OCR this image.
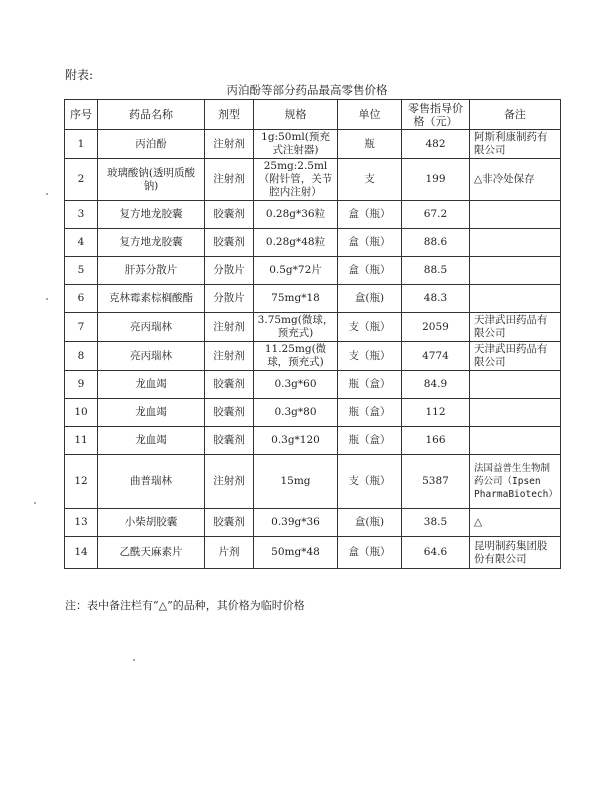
附表:
丙泊酚等部分药品最高零售价格
序号	药品名称	剂型	规格	单位	零售指导价格（元）	备注
1	丙泊酚	注射剂	1g:50ml(预充式注射器)	瓶	482	阿斯利康制药有限公司
2	玻璃酸钠(透明质酸钠)	注射剂	25mg:2.5ml（附针管，关节腔内注射）	支	199	△非冷处保存
3	复方地龙胶囊	胶囊剂	0.28g*36粒	盒（瓶）	67.2	
4	复方地龙胶囊	胶囊剂	0.28g*48粒	盒（瓶）	88.6	
5	肝苏分散片	分散片	0.5g*72片	盒（瓶）	88.5	
6	克林霉素棕榈酸酯	分散片	75mg*18	盒(瓶)	48.3	
7	亮丙瑞林	注射剂	3.75mg(微球，预充式)	支（瓶）	2059	天津武田药品有限公司
8	亮丙瑞林	注射剂	11.25mg(微球，预充式)	支（瓶）	4774	天津武田药品有限公司
9	龙血竭	胶囊剂	0.3g*60	瓶（盒）	84.9	
10	龙血竭	胶囊剂	0.3g*80	瓶（盒）	112	
11	龙血竭	胶囊剂	0.3g*120	瓶（盒）	166	
12	曲普瑞林	注射剂	15mg	支（瓶）	5387	法国益普生生物制药公司（Ipsen PharmaBiotech）
13	小柴胡胶囊	胶囊剂	0.39g*36	盒(瓶)	38.5	△
14	乙酰天麻素片	片剂	50mg*48	盒（瓶）	64.6	昆明制药集团股份有限公司
注：表中备注栏有“△”的品种，其价格为临时价格
